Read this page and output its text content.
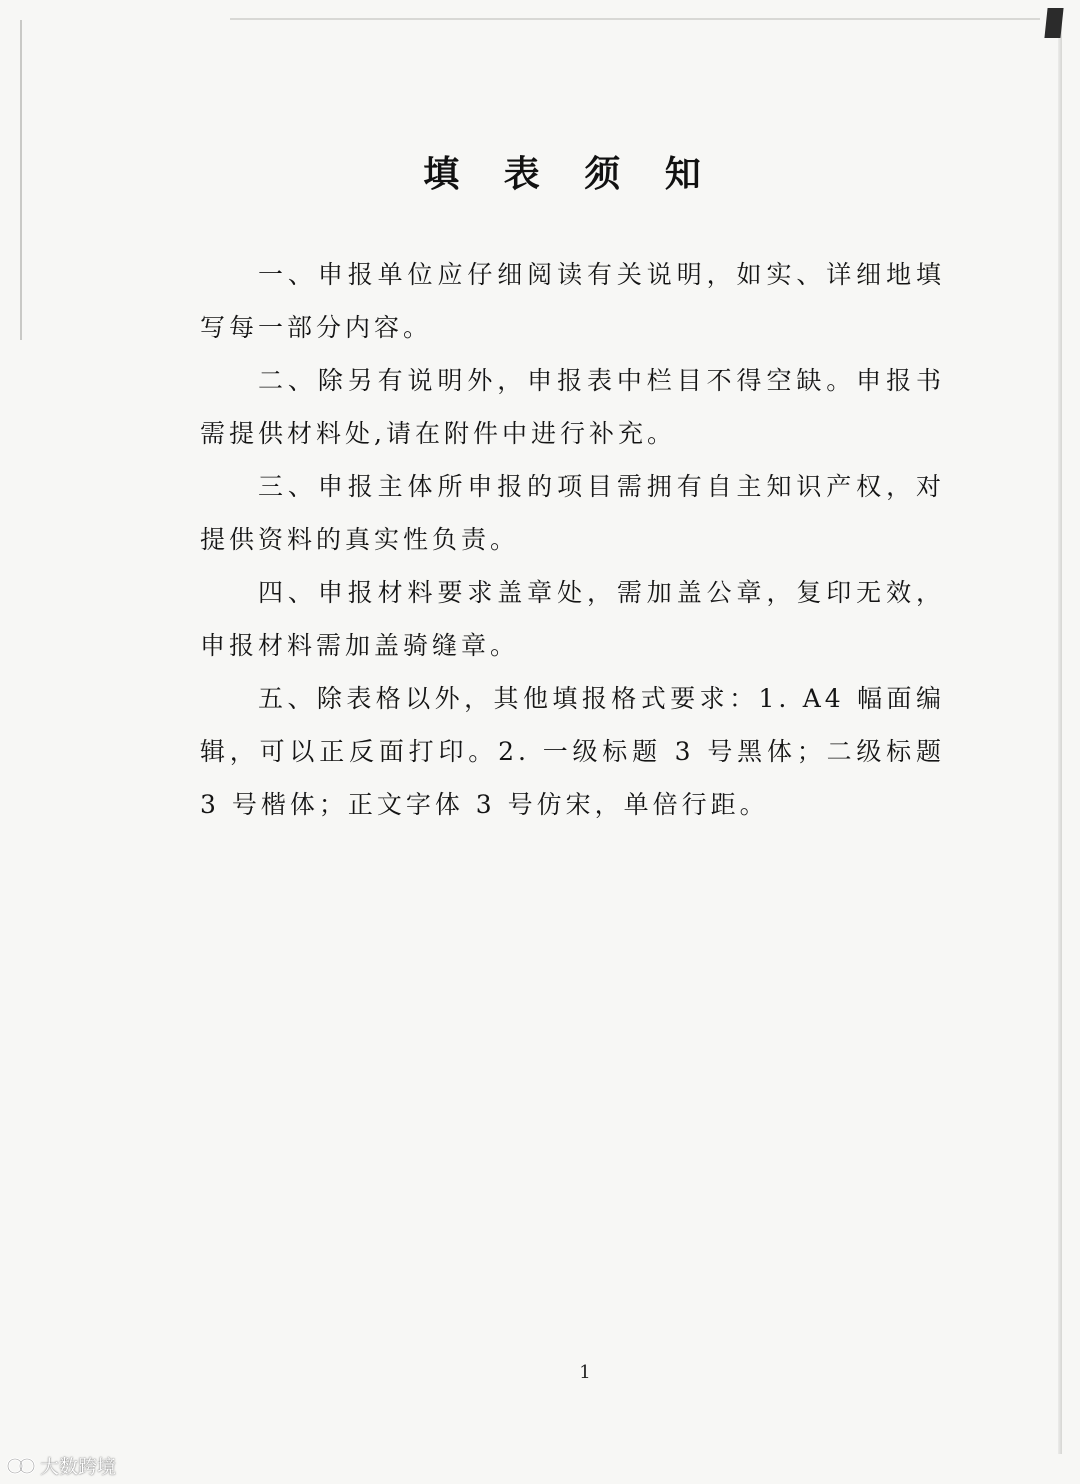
填 表 须 知

一、申报单位应仔细阅读有关说明，如实、详细地填写每一部分内容。

二、除另有说明外，申报表中栏目不得空缺。申报书需提供材料处,请在附件中进行补充。

三、申报主体所申报的项目需拥有自主知识产权，对提供资料的真实性负责。

四、申报材料要求盖章处，需加盖公章，复印无效，申报材料需加盖骑缝章。

五、除表格以外，其他填报格式要求：1. A4 幅面编辑，可以正反面打印。2. 一级标题 3 号黑体；二级标题 3 号楷体；正文字体 3 号仿宋，单倍行距。

1
大数跨境
